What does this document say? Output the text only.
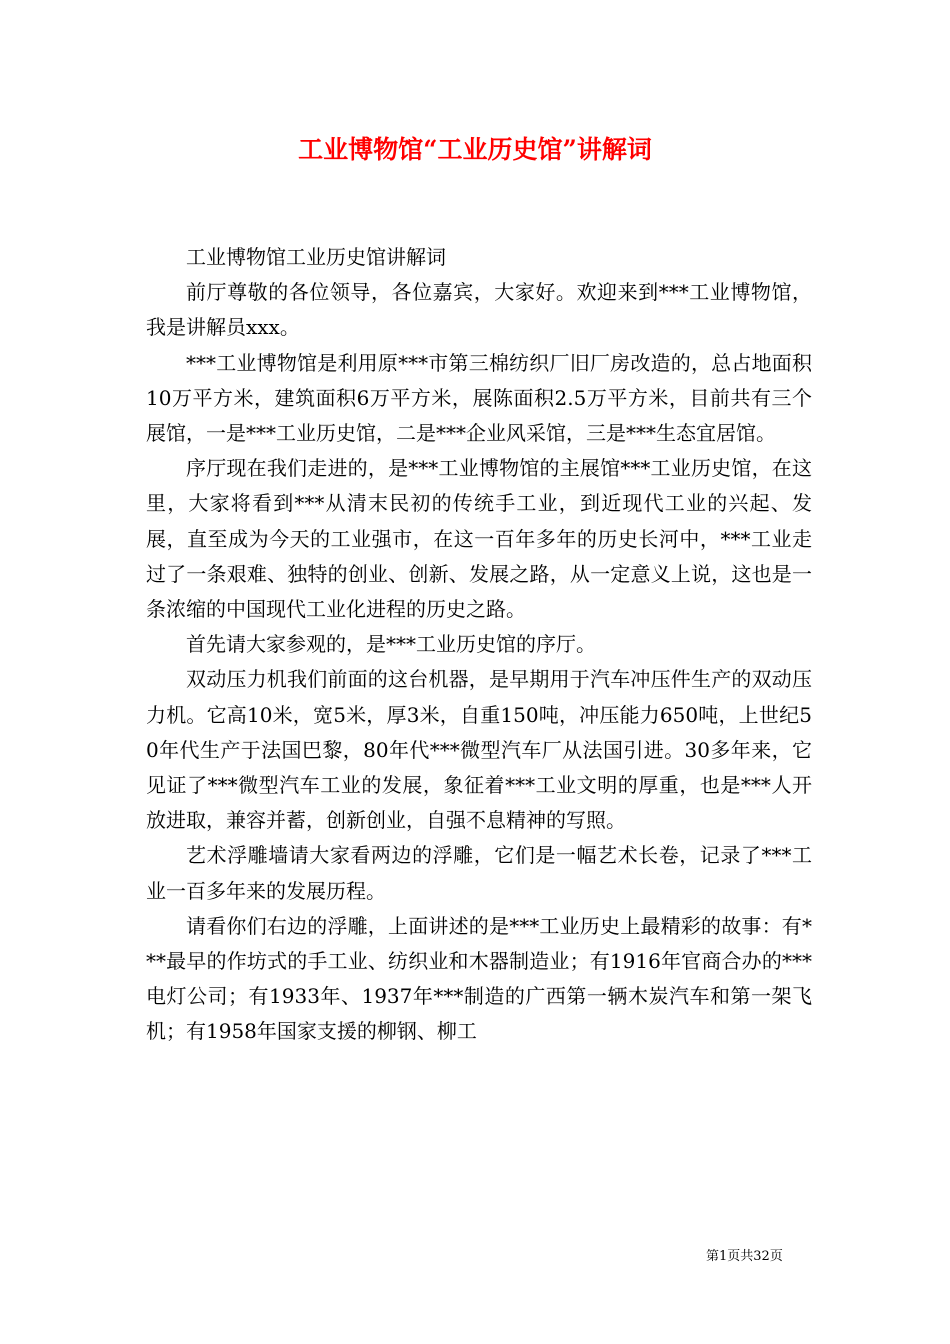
工业博物馆“工业历史馆”讲解词

工业博物馆工业历史馆讲解词

前厅尊敬的各位领导，各位嘉宾，大家好。欢迎来到***工业博物馆，我是讲解员xxx。

***工业博物馆是利用原***市第三棉纺织厂旧厂房改造的，总占地面积10万平方米，建筑面积6万平方米，展陈面积2.5万平方米，目前共有三个展馆，一是***工业历史馆，二是***企业风采馆，三是***生态宜居馆。

序厅现在我们走进的，是***工业博物馆的主展馆***工业历史馆，在这里，大家将看到***从清末民初的传统手工业，到近现代工业的兴起、发展，直至成为今天的工业强市，在这一百年多年的历史长河中，***工业走过了一条艰难、独特的创业、创新、发展之路，从一定意义上说，这也是一条浓缩的中国现代工业化进程的历史之路。

首先请大家参观的，是***工业历史馆的序厅。

双动压力机我们前面的这台机器，是早期用于汽车冲压件生产的双动压力机。它高10米，宽5米，厚3米，自重150吨，冲压能力650吨，上世纪50年代生产于法国巴黎，80年代***微型汽车厂从法国引进。30多年来，它见证了***微型汽车工业的发展，象征着***工业文明的厚重，也是***人开放进取，兼容并蓄，创新创业，自强不息精神的写照。

艺术浮雕墙请大家看两边的浮雕，它们是一幅艺术长卷，记录了***工业一百多年来的发展历程。

请看你们右边的浮雕，上面讲述的是***工业历史上最精彩的故事：有***最早的作坊式的手工业、纺织业和木器制造业；有1916年官商合办的***电灯公司；有1933年、1937年***制造的广西第一辆木炭汽车和第一架飞机；有1958年国家支援的柳钢、柳工

第1页共32页
